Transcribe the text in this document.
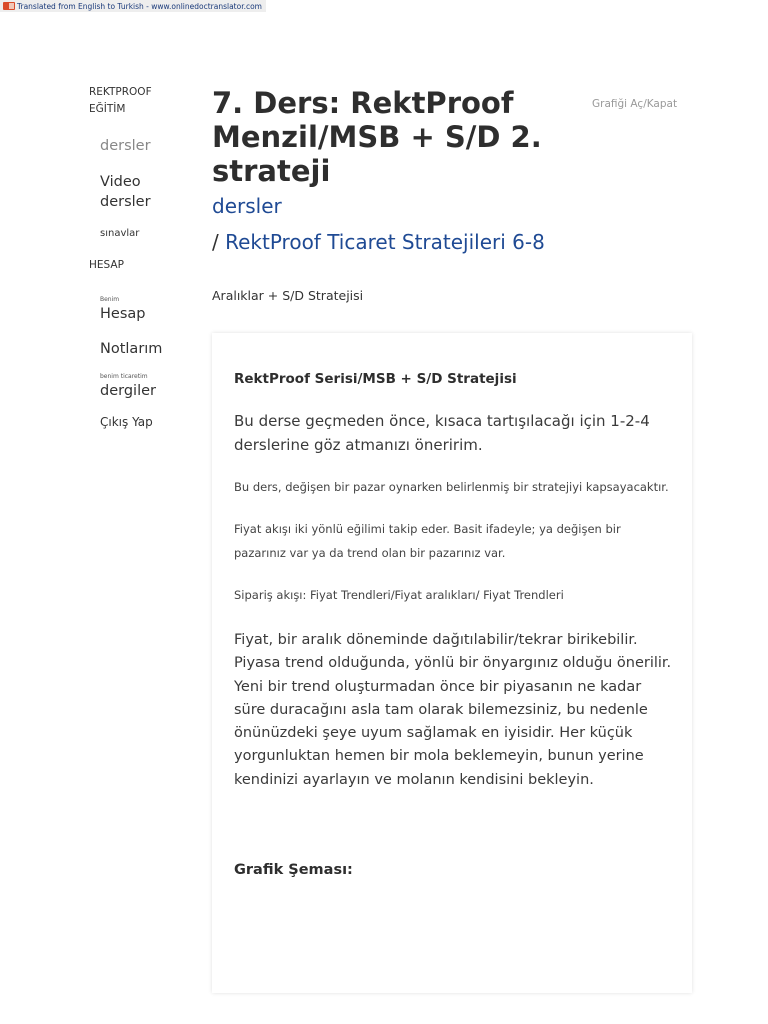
Translated from English to Turkish - www.onlinedoctranslator.com
REKTPROOF
EĞİTİM
dersler
Video
dersler
sınavlar
HESAP
Benim
Hesap
Notlarım
benim ticaretim
dergiler
Çıkış Yap
7. Ders: RektProof Menzil/MSB + S/D 2. strateji
Grafiği Aç/Kapat
dersler
/ RektProof Ticaret Stratejileri 6-8
Aralıklar + S/D Stratejisi
RektProof Serisi/MSB + S/D Stratejisi

Bu derse geçmeden önce, kısaca tartışılacağı için 1-2-4 derslerine göz atmanızı öneririm.

Bu ders, değişen bir pazar oynarken belirlenmiş bir stratejiyi kapsayacaktır.

Fiyat akışı iki yönlü eğilimi takip eder. Basit ifadeyle; ya değişen bir pazarınız var ya da trend olan bir pazarınız var.

Sipariş akışı: Fiyat Trendleri/Fiyat aralıkları/ Fiyat Trendleri

Fiyat, bir aralık döneminde dağıtılabilir/tekrar birikebilir. Piyasa trend olduğunda, yönlü bir önyargınız olduğu önerilir. Yeni bir trend oluşturmadan önce bir piyasanın ne kadar süre duracağını asla tam olarak bilemezsiniz, bu nedenle önünüzdeki şeye uyum sağlamak en iyisidir. Her küçük yorgunluktan hemen bir mola beklemeyin, bunun yerine kendinizi ayarlayın ve molanın kendisini bekleyin.

Grafik Şeması:
